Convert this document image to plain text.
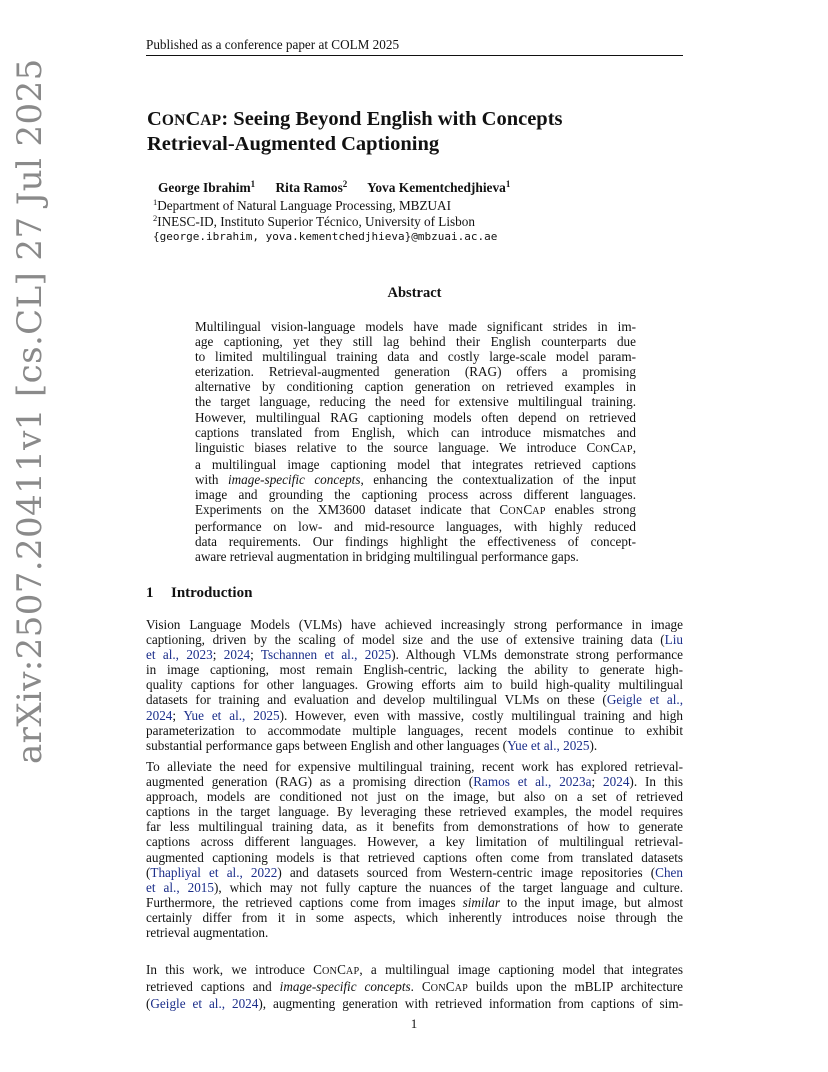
Published as a conference paper at COLM 2025
CONCAP: Seeing Beyond English with Concepts
Retrieval-Augmented Captioning
George Ibrahim$^1$ Rita Ramos$^2$ Yova Kementchedjhieva$^1$
$^1$Department of Natural Language Processing, MBZUAI
$^2$INESC-ID, Instituto Superior Técnico, University of Lisbon
{george.ibrahim, yova.kementchedjhieva}@mbzuai.ac.ae
Abstract
Multilingual vision-language models have made significant strides in im-
age captioning, yet they still lag behind their English counterparts due
to limited multilingual training data and costly large-scale model param-
eterization. Retrieval-augmented generation (RAG) offers a promising
alternative by conditioning caption generation on retrieved examples in
the target language, reducing the need for extensive multilingual training.
However, multilingual RAG captioning models often depend on retrieved
captions translated from English, which can introduce mismatches and
linguistic biases relative to the source language. We introduce CONCAP,
a multilingual image captioning model that integrates retrieved captions
with image-specific concepts, enhancing the contextualization of the input
image and grounding the captioning process across different languages.
Experiments on the XM3600 dataset indicate that CONCAP enables strong
performance on low- and mid-resource languages, with highly reduced
data requirements. Our findings highlight the effectiveness of concept-
aware retrieval augmentation in bridging multilingual performance gaps.
1 Introduction
Vision Language Models (VLMs) have achieved increasingly strong performance in image
captioning, driven by the scaling of model size and the use of extensive training data (Liu
et al., 2023; 2024; Tschannen et al., 2025). Although VLMs demonstrate strong performance
in image captioning, most remain English-centric, lacking the ability to generate high-
quality captions for other languages. Growing efforts aim to build high-quality multilingual
datasets for training and evaluation and develop multilingual VLMs on these (Geigle et al.,
2024; Yue et al., 2025). However, even with massive, costly multilingual training and high
parameterization to accommodate multiple languages, recent models continue to exhibit
substantial performance gaps between English and other languages (Yue et al., 2025).
To alleviate the need for expensive multilingual training, recent work has explored retrieval-
augmented generation (RAG) as a promising direction (Ramos et al., 2023a; 2024). In this
approach, models are conditioned not just on the image, but also on a set of retrieved
captions in the target language. By leveraging these retrieved examples, the model requires
far less multilingual training data, as it benefits from demonstrations of how to generate
captions across different languages. However, a key limitation of multilingual retrieval-
augmented captioning models is that retrieved captions often come from translated datasets
(Thapliyal et al., 2022) and datasets sourced from Western-centric image repositories (Chen
et al., 2015), which may not fully capture the nuances of the target language and culture.
Furthermore, the retrieved captions come from images similar to the input image, but almost
certainly differ from it in some aspects, which inherently introduces noise through the
retrieval augmentation.
In this work, we introduce CONCAP, a multilingual image captioning model that integrates
retrieved captions and image-specific concepts. CONCAP builds upon the mBLIP architecture
(Geigle et al., 2024), augmenting generation with retrieved information from captions of sim-
arXiv:2507.20411v1 [cs.CL] 27 Jul 2025
1
